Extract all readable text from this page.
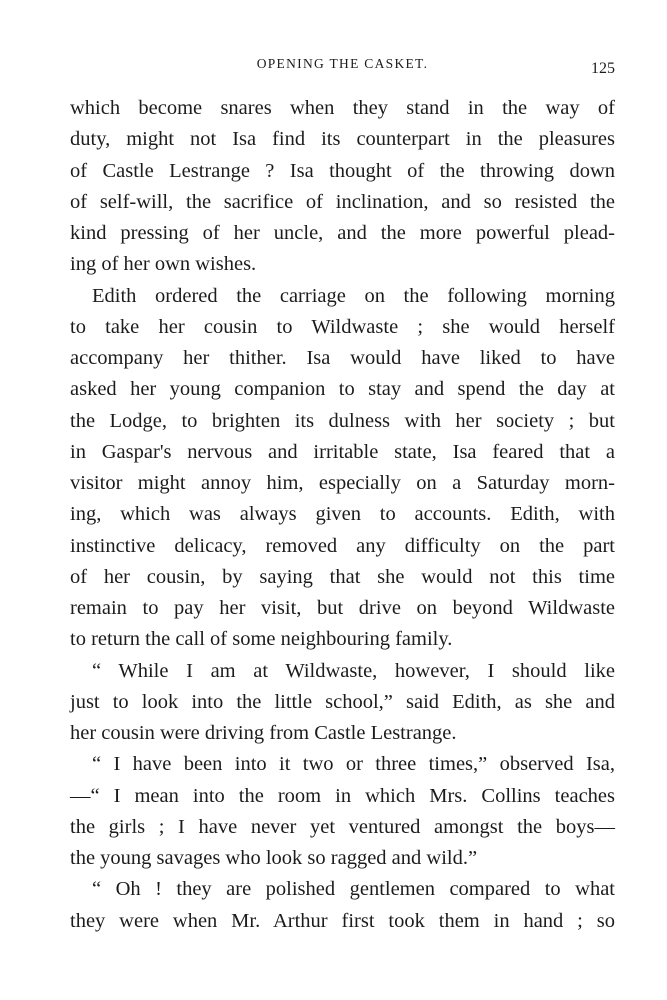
OPENING THE CASKET.	125
which become snares when they stand in the way of
duty, might not Isa find its counterpart in the pleasures
of Castle Lestrange ? Isa thought of the throwing down
of self-will, the sacrifice of inclination, and so resisted the
kind pressing of her uncle, and the more powerful plead-
ing of her own wishes.
Edith ordered the carriage on the following morning
to take her cousin to Wildwaste ; she would herself
accompany her thither. Isa would have liked to have
asked her young companion to stay and spend the day at
the Lodge, to brighten its dulness with her society ; but
in Gaspar's nervous and irritable state, Isa feared that a
visitor might annoy him, especially on a Saturday morn-
ing, which was always given to accounts. Edith, with
instinctive delicacy, removed any difficulty on the part
of her cousin, by saying that she would not this time
remain to pay her visit, but drive on beyond Wildwaste
to return the call of some neighbouring family.
“ While I am at Wildwaste, however, I should like
just to look into the little school,” said Edith, as she and
her cousin were driving from Castle Lestrange.
“ I have been into it two or three times,” observed Isa,
—“ I mean into the room in which Mrs. Collins teaches
the girls ; I have never yet ventured amongst the boys—
the young savages who look so ragged and wild.”
“ Oh ! they are polished gentlemen compared to what
they were when Mr. Arthur first took them in hand ; so
